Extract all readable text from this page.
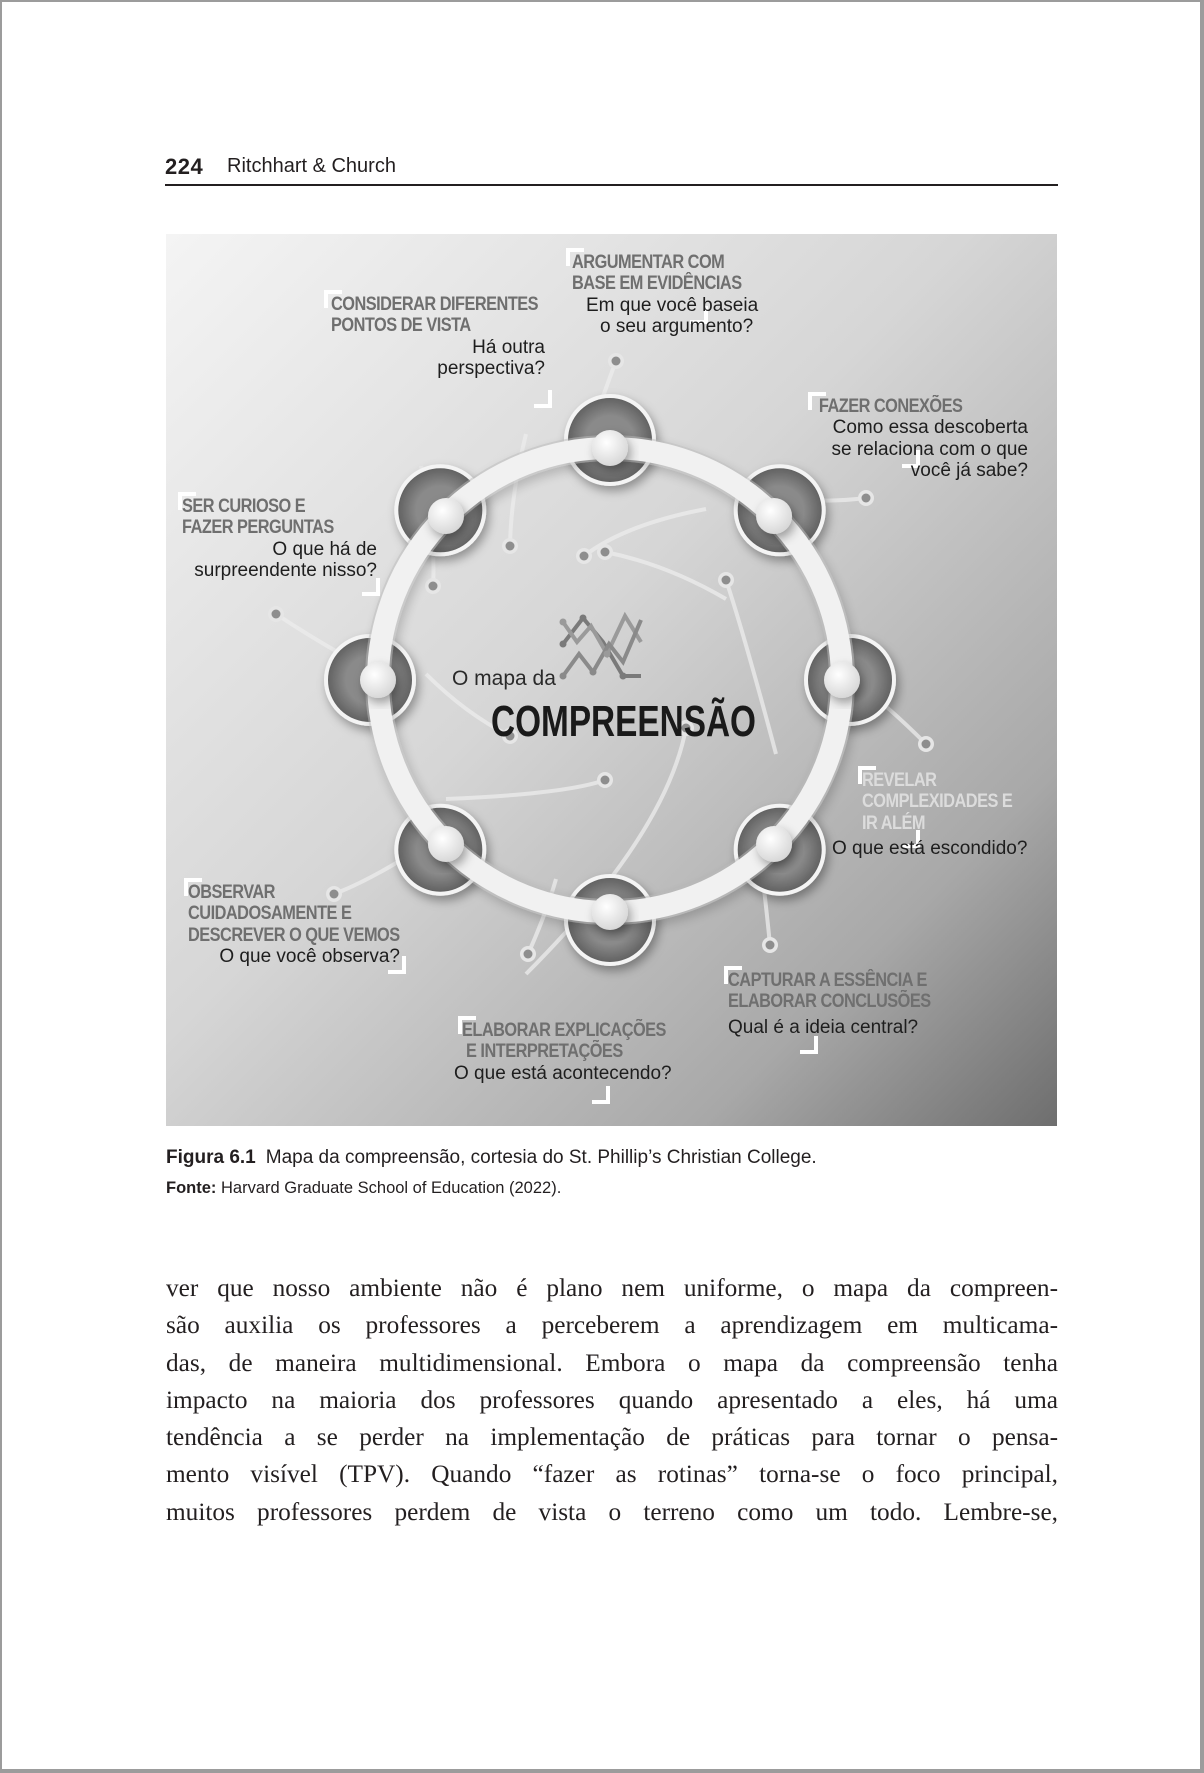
224 Ritchhart & Church
O mapa da
COMPREENSÃO
ARGUMENTAR COM
BASE EM EVIDÊNCIAS
Em que você baseia
o seu argumento?
FAZER CONEXÕES
Como essa descoberta
se relaciona com o que
você já sabe?
REVELAR
COMPLEXIDADES E
IR ALÉM
O que está escondido?
CAPTURAR A ESSÊNCIA E
ELABORAR CONCLUSÕES
Qual é a ideia central?
ELABORAR EXPLICAÇÕES
E INTERPRETAÇÕES
O que está acontecendo?
OBSERVAR
CUIDADOSAMENTE E
DESCREVER O QUE VEMOS
O que você observa?
SER CURIOSO E
FAZER PERGUNTAS
O que há de
surpreendente nisso?
CONSIDERAR DIFERENTES
PONTOS DE VISTA
Há outra
perspectiva?
Figura 6.1 Mapa da compreensão, cortesia do St. Phillip’s Christian College.
Fonte: Harvard Graduate School of Education (2022).
ver que nosso ambiente não é plano nem uniforme, o mapa da compreen-
são auxilia os professores a perceberem a aprendizagem em multicama-
das, de maneira multidimensional. Embora o mapa da compreensão tenha
impacto na maioria dos professores quando apresentado a eles, há uma
tendência a se perder na implementação de práticas para tornar o pensa-
mento visível (TPV). Quando “fazer as rotinas” torna-se o foco principal,
muitos professores perdem de vista o terreno como um todo. Lembre-se,
